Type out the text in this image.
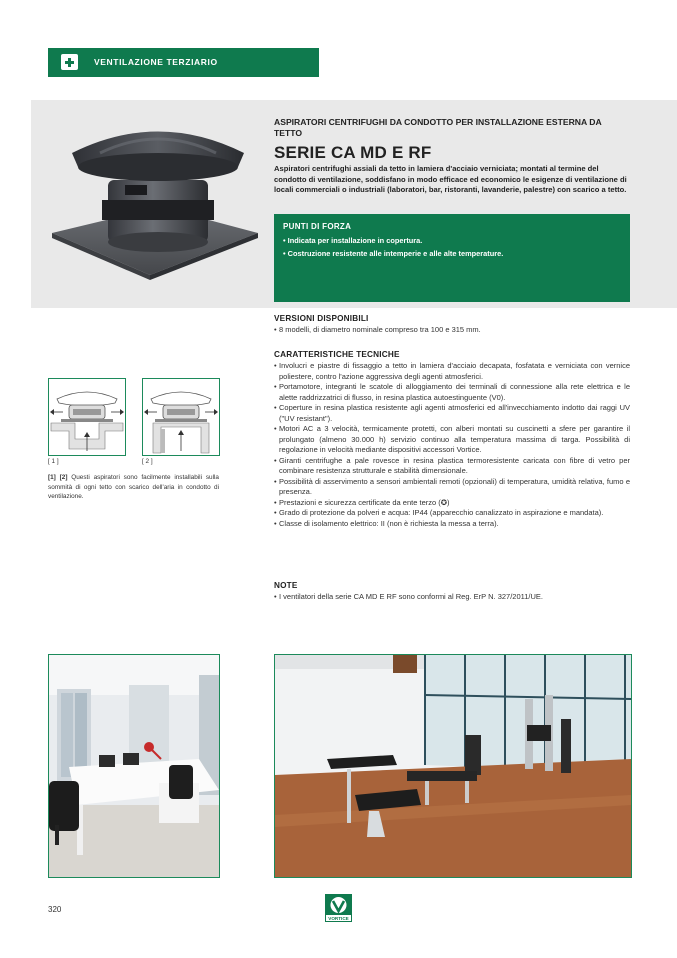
VENTILAZIONE TERZIARIO
ASPIRATORI CENTRIFUGHI DA CONDOTTO PER INSTALLAZIONE ESTERNA DA TETTO
SERIE CA MD E RF
Aspiratori centrifughi assiali da tetto in lamiera d'acciaio verniciata; montati al termine del condotto di ventilazione, soddisfano in modo efficace ed economico le esigenze di ventilazione di locali commerciali o industriali (laboratori, bar, ristoranti, lavanderie, palestre) con scarico a tetto.
PUNTI DI FORZA
• Indicata per installazione in copertura.
• Costruzione resistente alle intemperie e alle alte temperature.
VERSIONI DISPONIBILI

• 8 modelli, di diametro nominale compreso tra 100 e 315 mm.

CARATTERISTICHE TECNICHE

• Involucri e piastre di fissaggio a tetto in lamiera d'acciaio decapata, fosfatata e verniciata con vernice poliestere, contro l'azione aggressiva degli agenti atmosferici.

• Portamotore, integranti le scatole di alloggiamento dei terminali di connessione alla rete elettrica e le alette raddrizzatrici di flusso, in resina plastica autoestinguente (V0).

• Coperture in resina plastica resistente agli agenti atmosferici ed all'invecchiamento indotto dai raggi UV ("UV resistant").

• Motori AC a 3 velocità, termicamente protetti, con alberi montati su cuscinetti a sfere per garantire il prolungato (almeno 30.000 h) servizio continuo alla temperatura massima di targa. Possibilità di regolazione in velocità mediante dispositivi accessori Vortice.

• Giranti centrifughe a pale rovesce in resina plastica termoresistente caricata con fibre di vetro per combinare resistenza strutturale e stabilità dimensionale.

• Possibilità di asservimento a sensori ambientali remoti (opzionali) di temperatura, umidità relativa, fumo e presenza.

• Prestazioni e sicurezza certificate da ente terzo (✪)

• Grado di protezione da polveri e acqua: IP44 (apparecchio canalizzato in aspirazione e mandata).

• Classe di isolamento elettrico: II (non è richiesta la messa a terra).

NOTE

• I ventilatori della serie CA MD E RF sono conformi al Reg. ErP N. 327/2011/UE.

[ 1 ]	[ 2 ]
[1] [2] Questi aspiratori sono facilmente installabili sulla sommità di ogni tetto con scarico dell'aria in condotto di ventilazione.
320
VORTICE
